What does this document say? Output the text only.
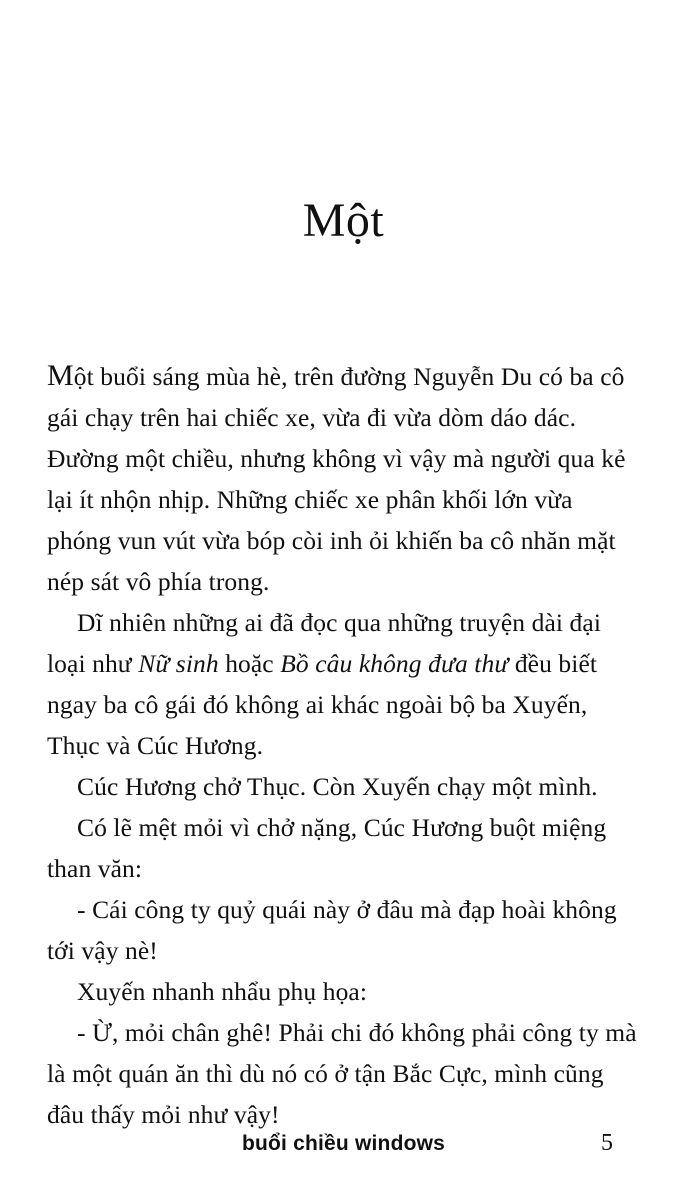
Một

Một buổi sáng mùa hè, trên đường Nguyễn Du có ba cô gái chạy trên hai chiếc xe, vừa đi vừa dòm dáo dác. Đường một chiều, nhưng không vì vậy mà người qua kẻ lại ít nhộn nhịp. Những chiếc xe phân khối lớn vừa phóng vun vút vừa bóp còi inh ỏi khiến ba cô nhăn mặt nép sát vô phía trong.

Dĩ nhiên những ai đã đọc qua những truyện dài đại loại như Nữ sinh hoặc Bồ câu không đưa thư đều biết ngay ba cô gái đó không ai khác ngoài bộ ba Xuyến, Thục và Cúc Hương.

Cúc Hương chở Thục. Còn Xuyến chạy một mình.

Có lẽ mệt mỏi vì chở nặng, Cúc Hương buột miệng than văn:

- Cái công ty quỷ quái này ở đâu mà đạp hoài không tới vậy nè!

Xuyến nhanh nhẩu phụ họa:

- Ừ, mỏi chân ghê! Phải chi đó không phải công ty mà là một quán ăn thì dù nó có ở tận Bắc Cực, mình cũng đâu thấy mỏi như vậy!

buổi chiều windows	5
